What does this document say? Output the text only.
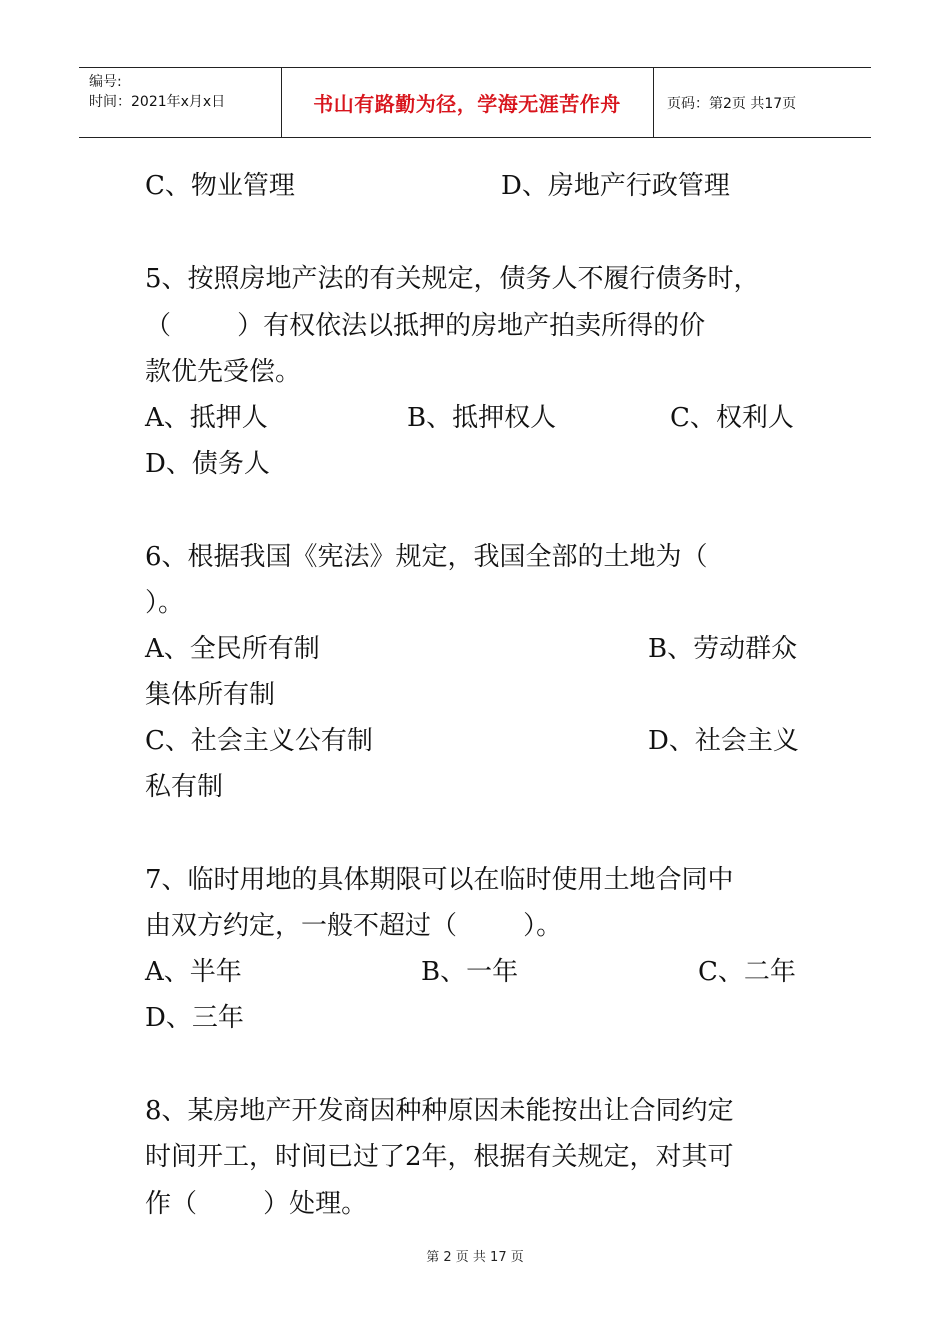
编号:
时间：2021年x月x日	书山有路勤为径，学海无涯苦作舟	页码：第2页 共17页
C、物业管理	D、房地产行政管理
5、按照房地产法的有关规定，债务人不履行债务时，
（        ）有权依法以抵押的房地产拍卖所得的价
款优先受偿。
A、抵押人	B、抵押权人	C、权利人
D、债务人
6、根据我国《宪法》规定，我国全部的土地为（
）。
A、全民所有制	B、劳动群众
集体所有制
C、社会主义公有制	D、社会主义
私有制
7、临时用地的具体期限可以在临时使用土地合同中
由双方约定，一般不超过（        ）。
A、半年	B、一年	C、二年
D、三年
8、某房地产开发商因种种原因未能按出让合同约定
时间开工，时间已过了2年，根据有关规定，对其可
作（        ）处理。
第 2 页 共 17 页
